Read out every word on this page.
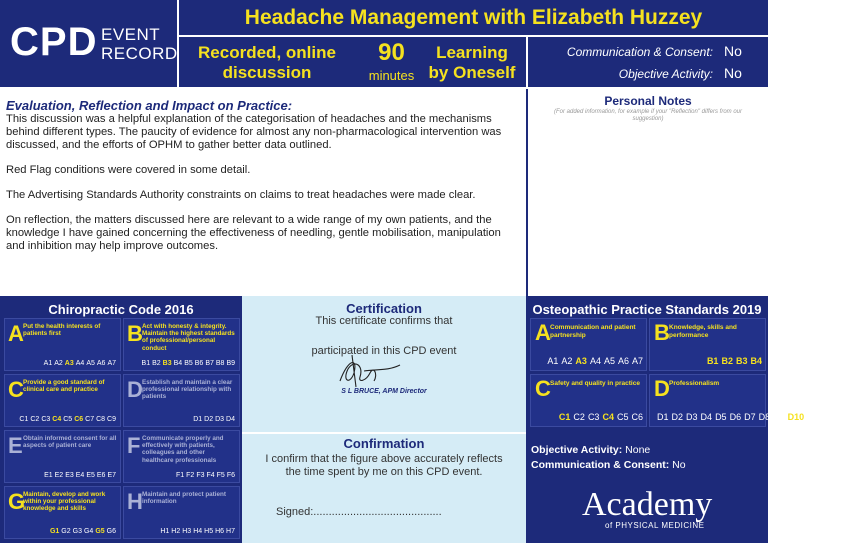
CPD EVENT
RECORD
Headache Management with Elizabeth Huzzey
Recorded, online
discussion
90
minutes
Learning
by Oneself
Communication & Consent: No
Objective Activity: No
Evaluation, Reflection and Impact on Practice:

This discussion was a helpful explanation of the categorisation of headaches and the mechanisms behind different types. The paucity of evidence for almost any non-pharmacological intervention was discussed, and the efforts of OPHM to gather better data outlined.

Red Flag conditions were covered in some detail.

The Advertising Standards Authority constraints on claims to treat headaches were made clear.

On reflection, the matters discussed here are relevant to a wide range of my own patients, and the knowledge I have gained concerning the effectiveness of needling, gentle mobilisation, manipulation and inhibition may help improve outcomes.

Personal Notes
(For added information, for example if your "Reflection" differs from our suggestion)
Chiropractic Code 2016
A Put the health interests of patients first
A1 A2 A3 A4 A5 A6 A7
B Act with honesty & integrity. Maintain the highest standards of professional/personal conduct
B1 B2 B3 B4 B5 B6 B7 B8 B9
C Provide a good standard of clinical care and practice
C1 C2 C3 C4 C5 C6 C7 C8 C9
D Establish and maintain a clear professional relationship with patients
D1 D2 D3 D4
E Obtain informed consent for all aspects of patient care
E1 E2 E3 E4 E5 E6 E7
F Communicate properly and effectively with patients, colleagues and other healthcare professionals
F1 F2 F3 F4 F5 F6
G
Maintain, develop and work within your professional knowledge and skills
G1 G2 G3 G4 G5 G6
H Maintain and protect patient information
H1 H2 H3 H4 H5 H6 H7
Certification
This certificate confirms that
participated in this CPD event
S L BRUCE, APM Director
Confirmation
I confirm that the figure above accurately reflects the time spent by me on this CPD event.
Signed:..........................................
Osteopathic Practice Standards 2019
A Communication and patient partnership
A1 A2 A3 A4 A5 A6 A7
B Knowledge, skills and performance
B1 B2 B3 B4
C Safety and quality in practice
C1 C2 C3 C4 C5 C6
D Professionalism
D1 D2 D3 D4 D5 D6 D7 D8 D9 D10 D11 D12
Objective Activity: None
Communication & Consent: No
Academy
of PHYSICAL MEDICINE
